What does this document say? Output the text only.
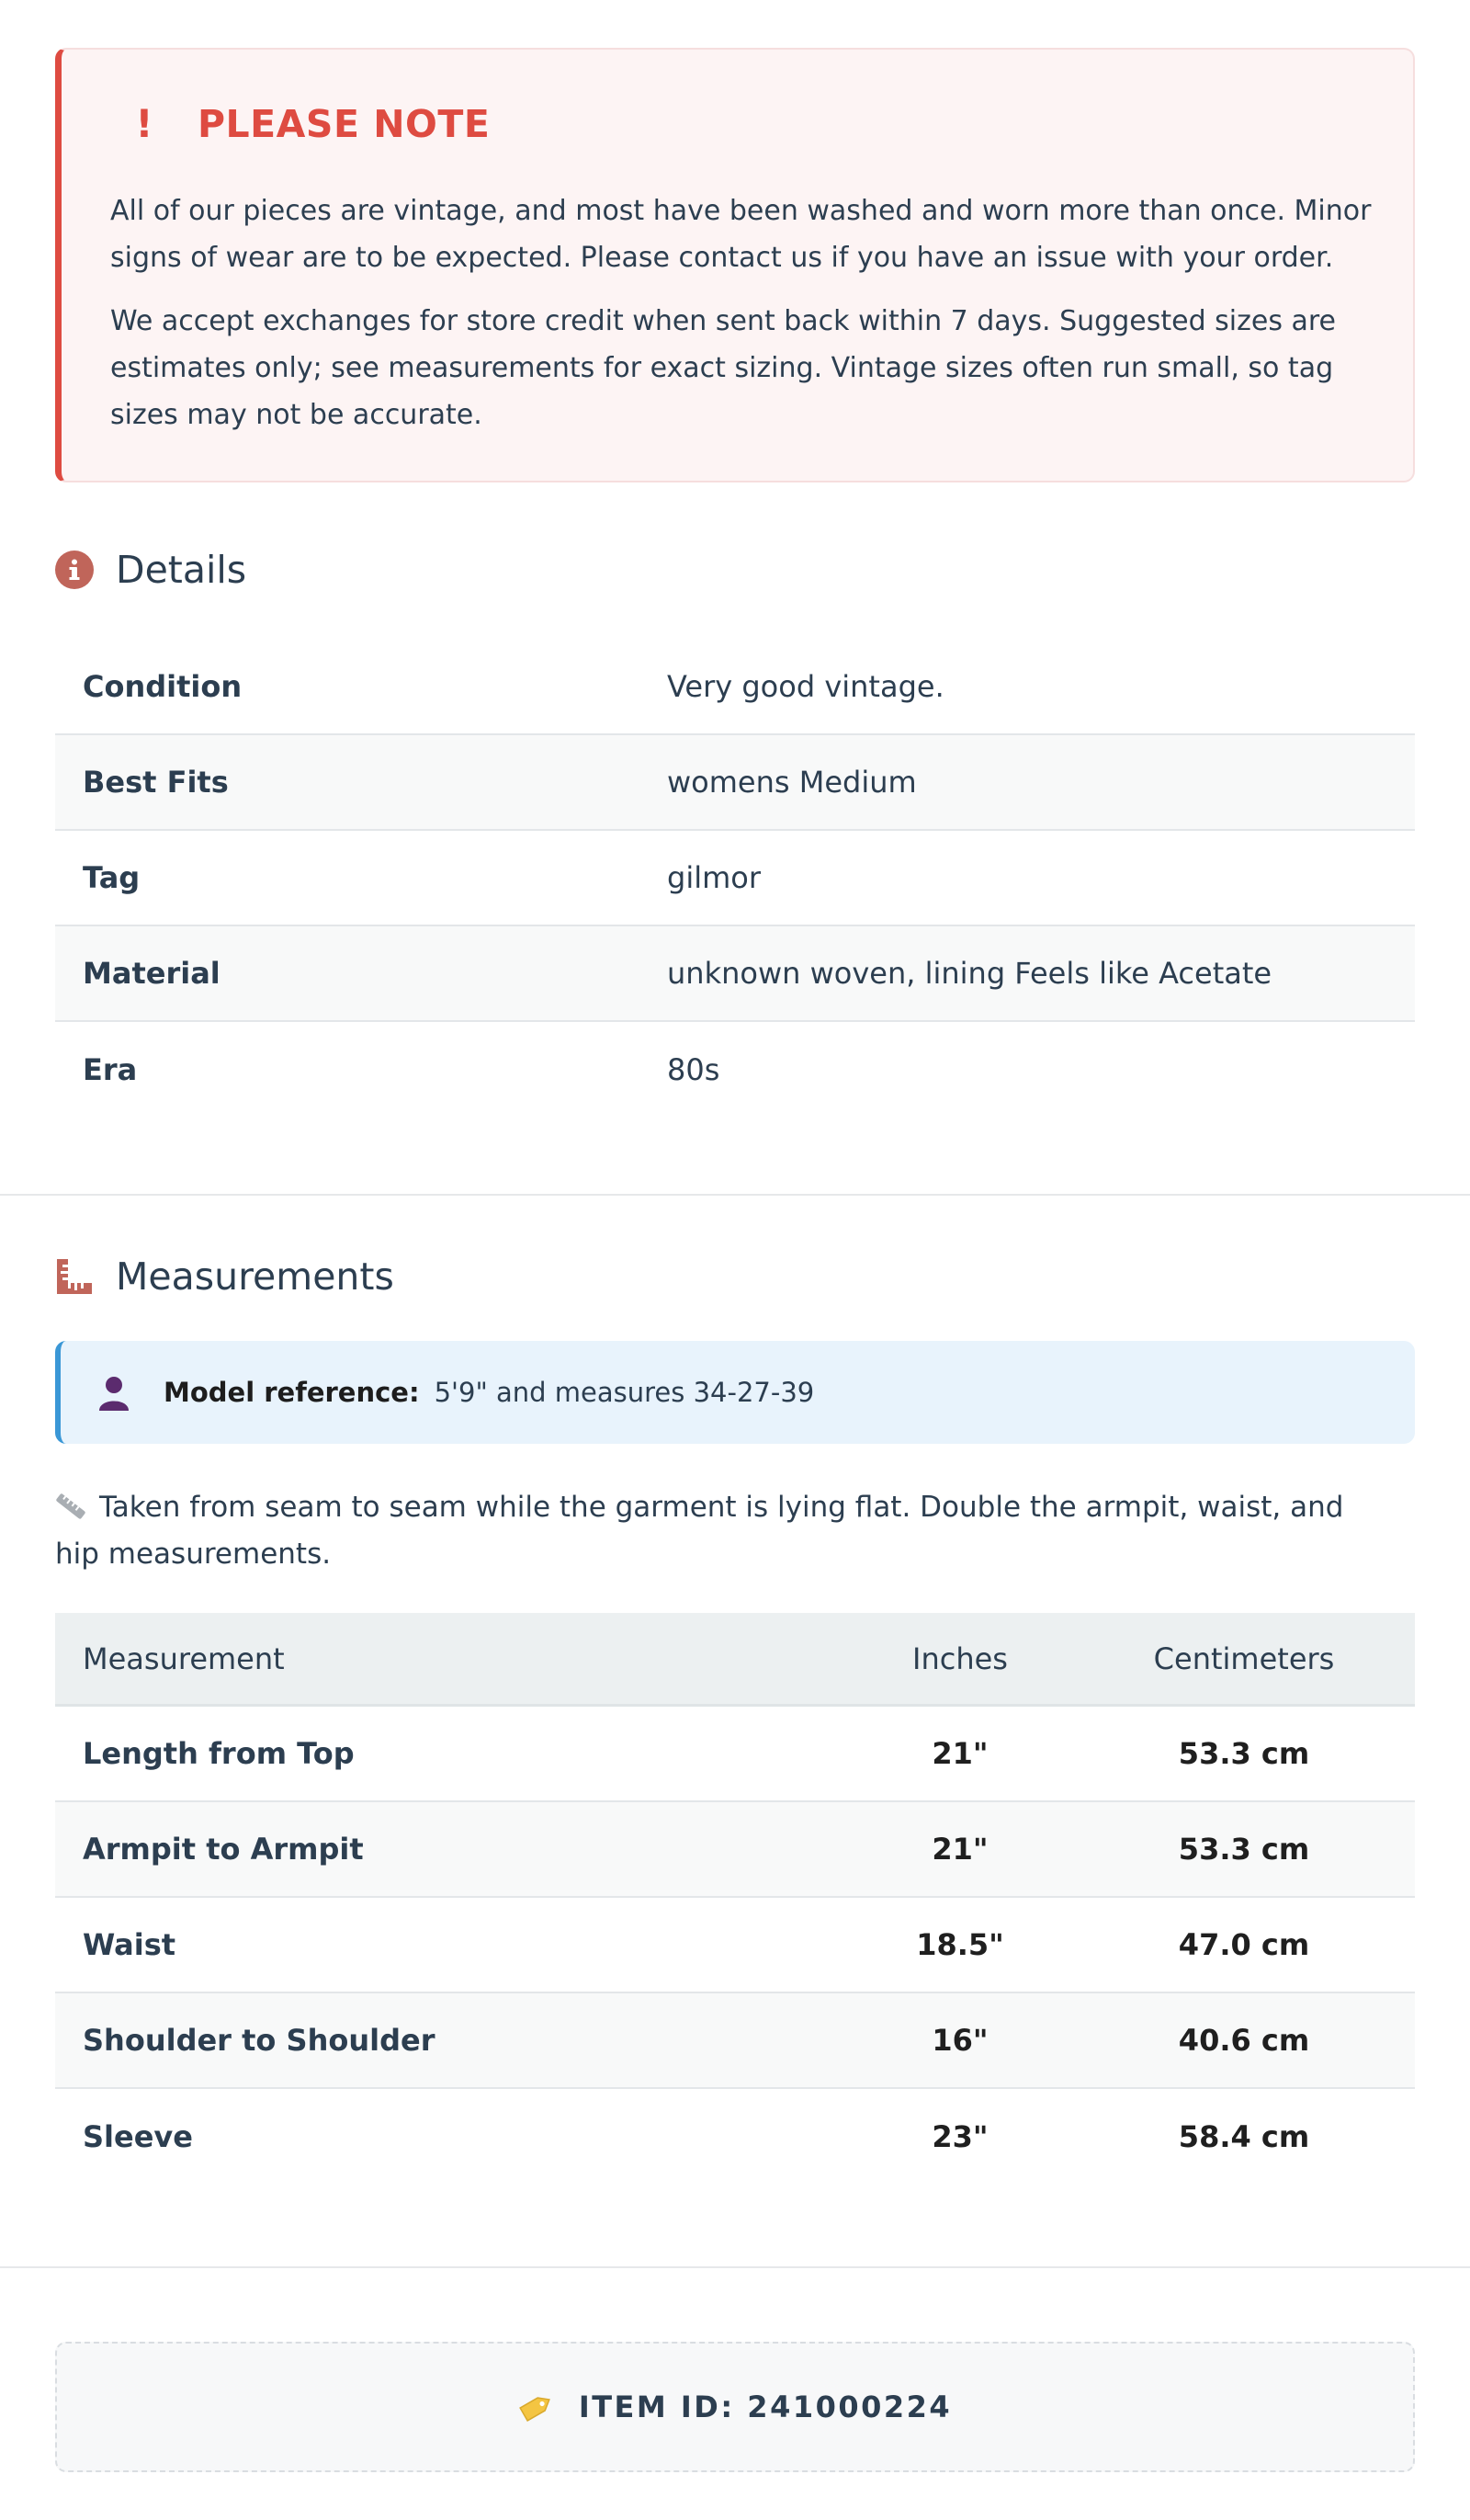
! PLEASE NOTE

All of our pieces are vintage, and most have been washed and worn more than once. Minor signs of wear are to be expected. Please contact us if you have an issue with your order.

We accept exchanges for store credit when sent back within 7 days. Suggested sizes are estimates only; see measurements for exact sizing. Vintage sizes often run small, so tag sizes may not be accurate.

Details
Condition	Very good vintage.
Best Fits	womens Medium
Tag	gilmor
Material	unknown woven, lining Feels like Acetate
Era	80s
Measurements
Model reference: 5'9" and measures 34-27-39

Taken from seam to seam while the garment is lying flat. Double the armpit, waist, and hip measurements.

Measurement	Inches	Centimeters
Length from Top	21"	53.3 cm
Armpit to Armpit	21"	53.3 cm
Waist	18.5"	47.0 cm
Shoulder to Shoulder	16"	40.6 cm
Sleeve	23"	58.4 cm
ITEM ID: 241000224
